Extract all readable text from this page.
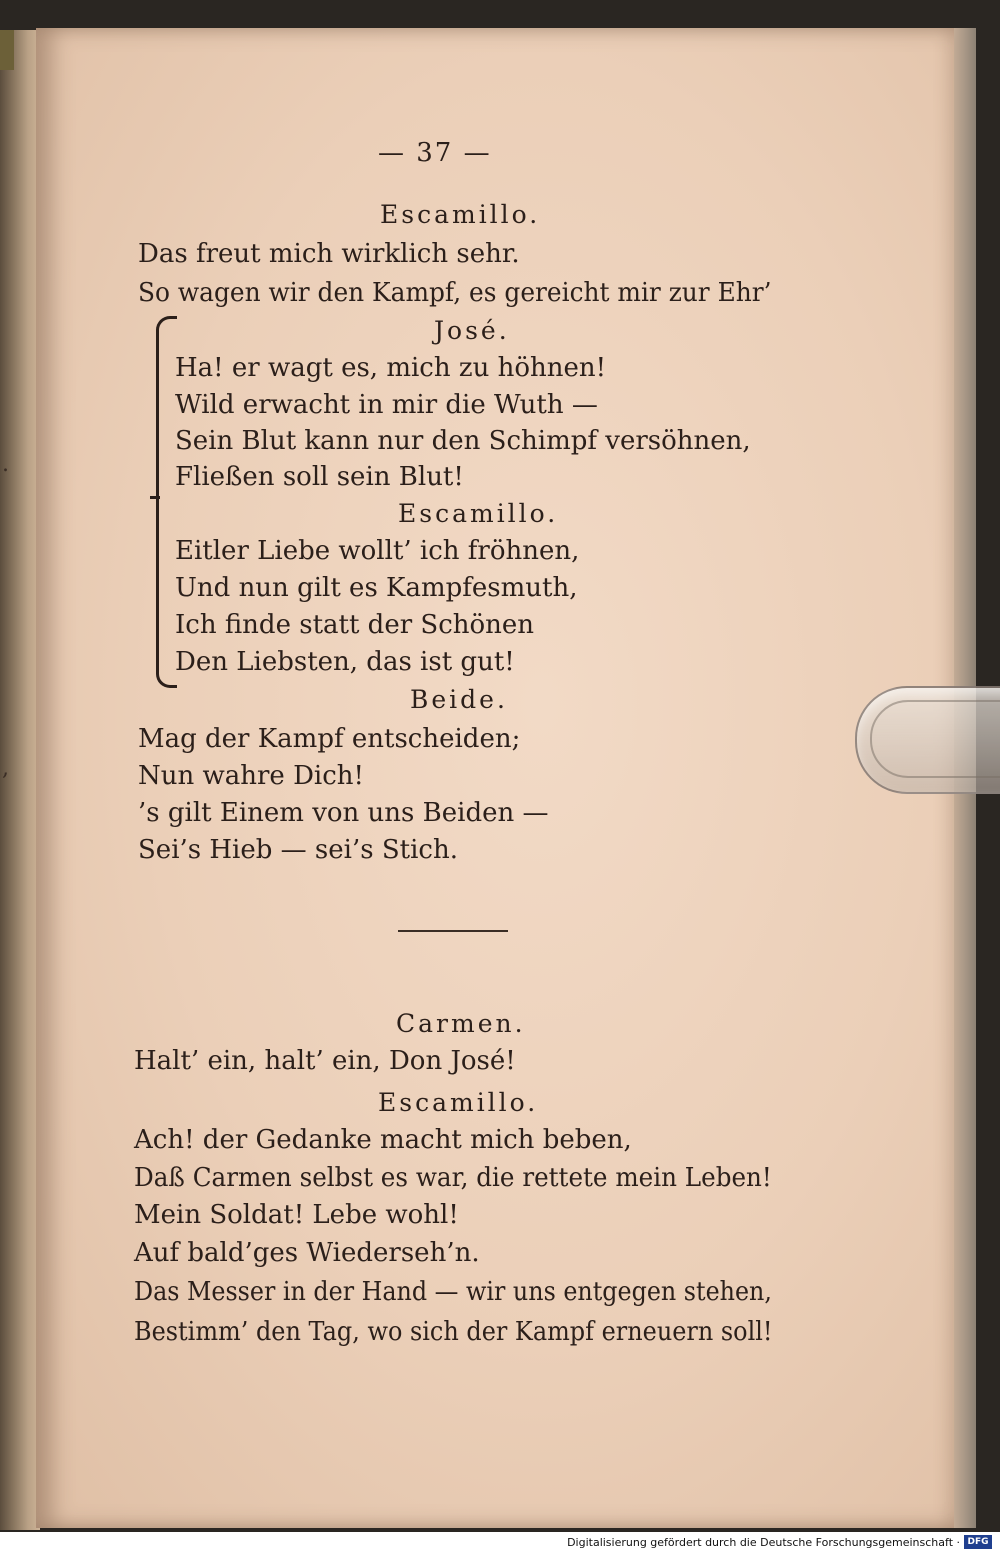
.
,
— 37 —
Escamillo.
Das freut mich wirklich sehr.
So wagen wir den Kampf, es gereicht mir zur Ehr’
José.
Ha! er wagt es, mich zu höhnen!
Wild erwacht in mir die Wuth —
Sein Blut kann nur den Schimpf versöhnen,
Fließen soll sein Blut!
Escamillo.
Eitler Liebe wollt’ ich fröhnen,
Und nun gilt es Kampfesmuth,
Ich finde statt der Schönen
Den Liebsten, das ist gut!
Beide.
Mag der Kampf entscheiden;
Nun wahre Dich!
’s gilt Einem von uns Beiden —
Sei’s Hieb — sei’s Stich.
Carmen.
Halt’ ein, halt’ ein, Don José!
Escamillo.
Ach! der Gedanke macht mich beben,
Daß Carmen selbst es war, die rettete mein Leben!
Mein Soldat! Lebe wohl!
Auf bald’ges Wiederseh’n.
Das Messer in der Hand — wir uns entgegen stehen,
Bestimm’ den Tag, wo sich der Kampf erneuern soll!
Digitalisierung gefördert durch die Deutsche Forschungsgemeinschaft · DFG
